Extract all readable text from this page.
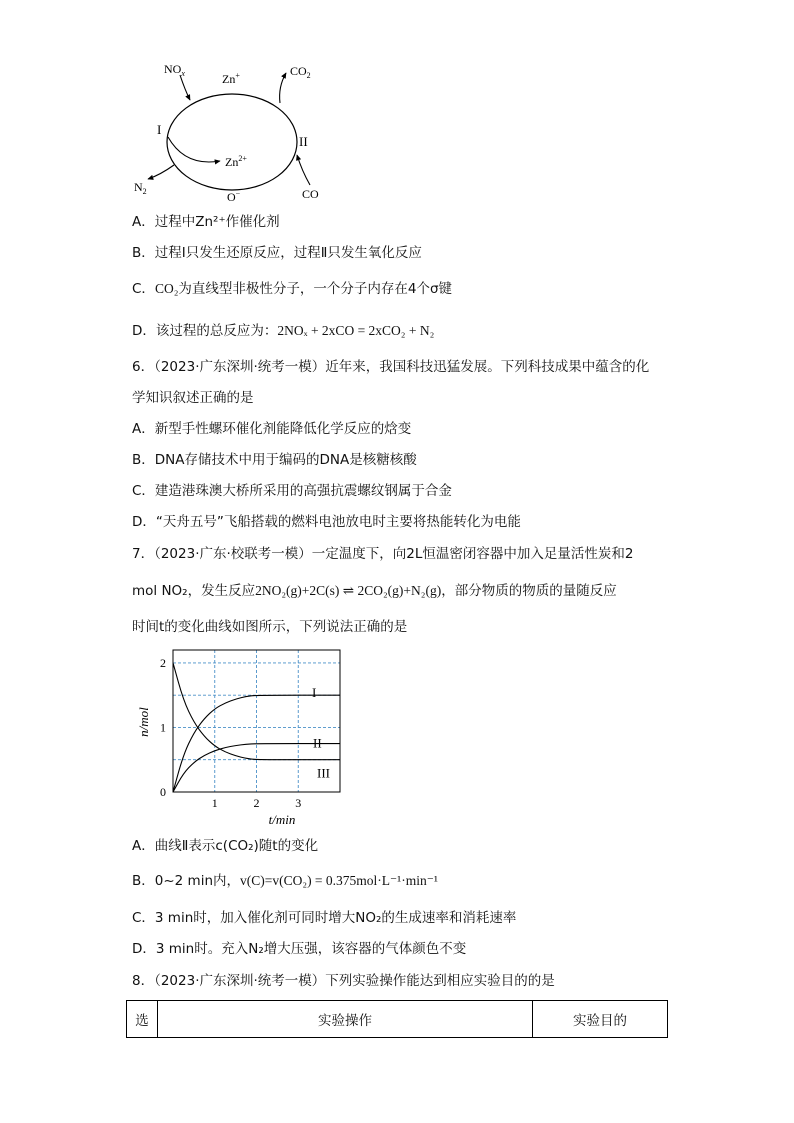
$NO_x$	Zn+	$CO_2$
I
II
$Zn^{2+}$
$N_2$	O−	CO
A．过程中Zn²⁺作催化剂
B．过程Ⅰ只发生还原反应，过程Ⅱ只发生氧化反应
C．CO₂为直线型非极性分子，一个分子内存在4个σ键
D．该过程的总反应为：2NOₓ + 2xCO = 2xCO₂ + N₂
6．（2023·广东深圳·统考一模）近年来，我国科技迅猛发展。下列科技成果中蕴含的化
学知识叙述正确的是
A．新型手性螺环催化剂能降低化学反应的焓变
B．DNA存储技术中用于编码的DNA是核糖核酸
C．建造港珠澳大桥所采用的高强抗震螺纹钢属于合金
D．“天舟五号”飞船搭载的燃料电池放电时主要将热能转化为电能
7．（2023·广东·校联考一模）一定温度下，向2L恒温密闭容器中加入足量活性炭和2
mol NO₂，发生反应2NO₂(g)+2C(s) ⇌ 2CO₂(g)+N₂(g)，部分物质的物质的量随反应
时间t的变化曲线如图所示，下列说法正确的是
I
II
III
1	2	3
0
1
2
n/mol
t/min
A．曲线Ⅱ表示c(CO₂)随t的变化
B．0~2 min内，v(C)=v(CO₂) = 0.375mol·L⁻¹·min⁻¹
C．3 min时，加入催化剂可同时增大NO₂的生成速率和消耗速率
D．3 min时。充入N₂增大压强，该容器的气体颜色不变
8．（2023·广东深圳·统考一模）下列实验操作能达到相应实验目的的是
选	实验操作	实验目的
